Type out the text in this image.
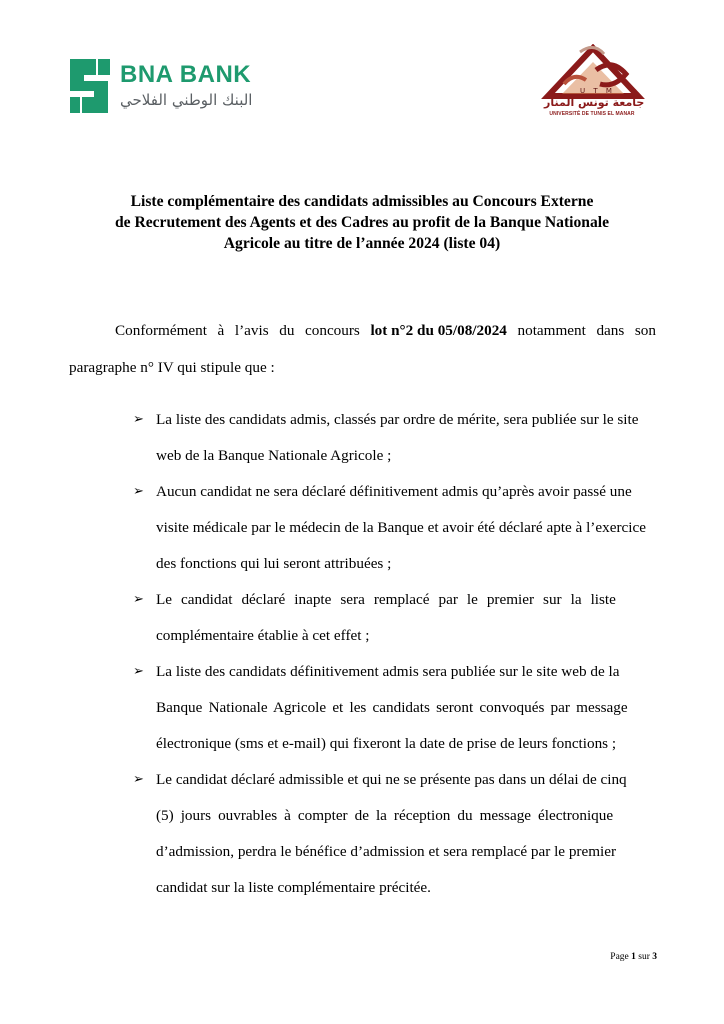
BNA BANK
البنك الوطني الفلاحي	U T M
جامعة تونس المنار
UNIVERSITÉ DE TUNIS EL MANAR
Liste complémentaire des candidats admissibles au Concours Externe
de Recrutement des Agents et des Cadres au profit de la Banque Nationale
Agricole au titre de l’année 2024 (liste 04)
Conformément à l’avis du concours lot n°2 du 05/08/2024 notamment dans son
paragraphe n° IV qui stipule que :
➢ La liste des candidats admis, classés par ordre de mérite, sera publiée sur le site
web de la Banque Nationale Agricole ;
➢ Aucun candidat ne sera déclaré définitivement admis qu’après avoir passé une
visite médicale par le médecin de la Banque et avoir été déclaré apte à l’exercice
des fonctions qui lui seront attribuées ;
➢ Le candidat déclaré inapte sera remplacé par le premier sur la liste
complémentaire établie à cet effet ;
➢ La liste des candidats définitivement admis sera publiée sur le site web de la
Banque Nationale Agricole et les candidats seront convoqués par message
électronique (sms et e-mail) qui fixeront la date de prise de leurs fonctions ;
➢ Le candidat déclaré admissible et qui ne se présente pas dans un délai de cinq
(5) jours ouvrables à compter de la réception du message électronique
d’admission, perdra le bénéfice d’admission et sera remplacé par le premier
candidat sur la liste complémentaire précitée.
Page 1 sur 3
